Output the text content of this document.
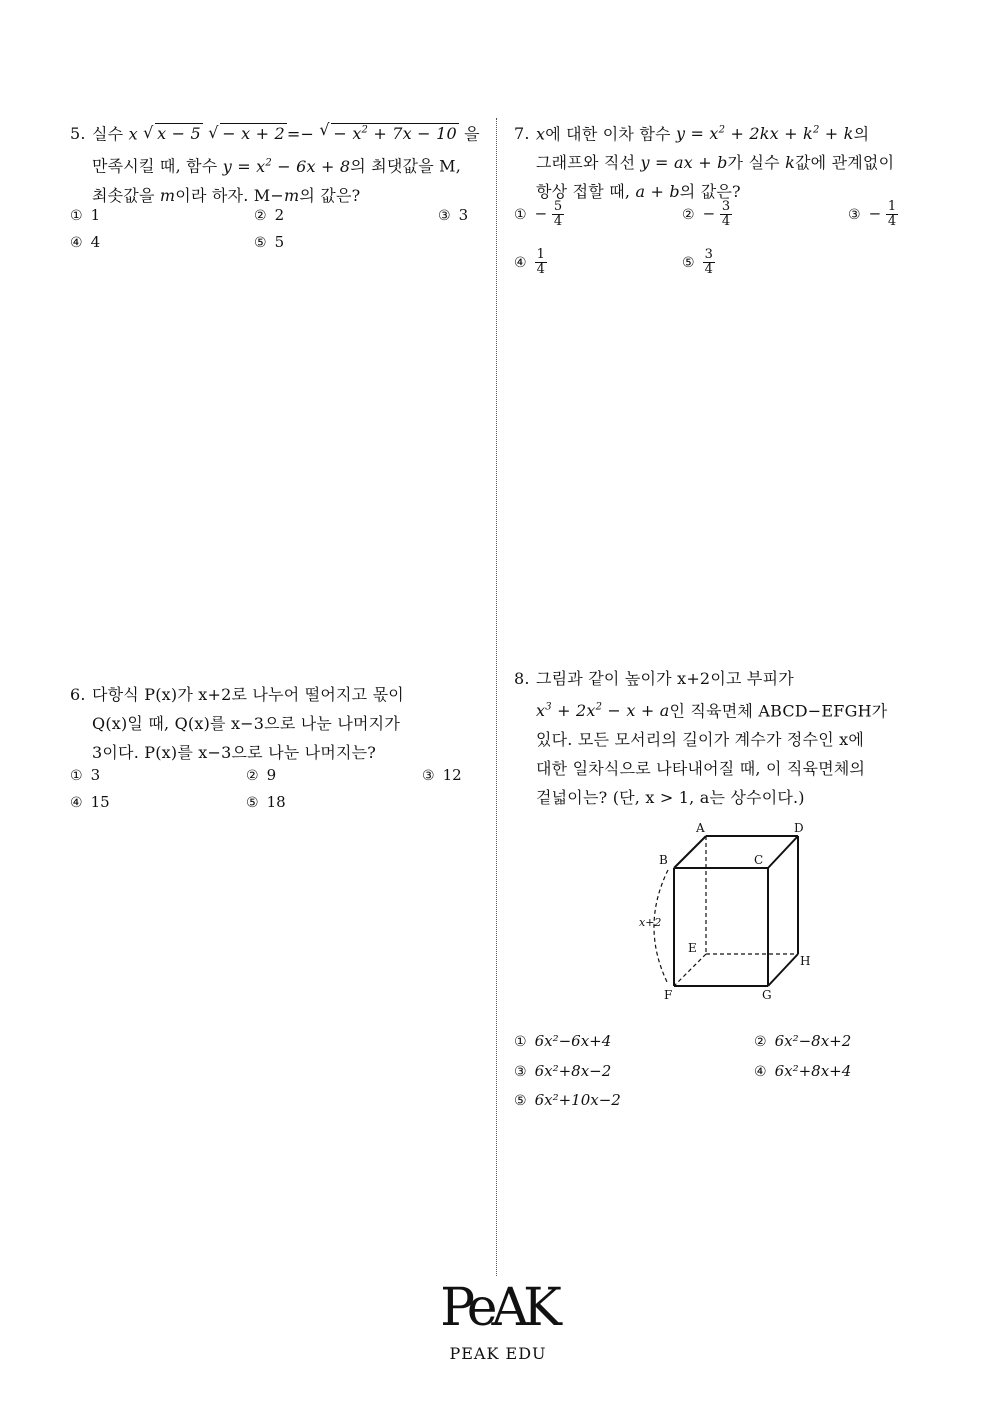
5. 실수 x √ x − 5 √ − x + 2 =− √ − $x^2 + 7x - 10$ 을
만족시킬 때, 함수 $y = x^2 - 6x + 8$의 최댓값을 M,
최솟값을 m이라 하자. M−m의 값은?
① 1	② 2	③ 3
④ 4	⑤ 5
6. 다항식 P(x)가 x+2로 나누어 떨어지고 몫이
Q(x)일 때, Q(x)를 x−3으로 나눈 나머지가
3이다. P(x)를 x−3으로 나눈 나머지는?
① 3	② 9	③ 12
④ 15	⑤ 18
7. x에 대한 이차 함수 $y = x^2 + 2kx + k^2 + k$의
그래프와 직선 y = ax + b가 실수 k값에 관계없이
항상 접할 때, a + b의 값은?
① − $\frac{5}{4}$	② − $\frac{3}{4}$	③ − $\frac{1}{4}$
④ $\frac{1}{4}$	⑤ $\frac{3}{4}$
8. 그림과 같이 높이가 x+2이고 부피가
$x^3 + 2x^2 - x + a$인 직육면체 ABCD−EFGH가
있다. 모든 모서리의 길이가 계수가 정수인 x에
대한 일차식으로 나타내어질 때, 이 직육면체의
겉넓이는? (단, x > 1, a는 상수이다.)
A	D
B	C
E
H
F	G
x+2
① 6x²−6x+4	② 6x²−8x+2
③ 6x²+8x−2	④ 6x²+8x+4
⑤ 6x²+10x−2
PeAK
PEAK EDU
